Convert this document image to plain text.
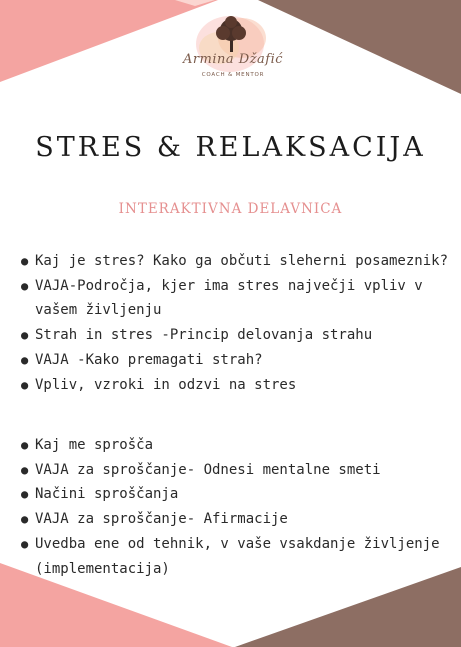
Armina Džafić
COACH & MENTOR
STRES & RELAKSACIJA
INTERAKTIVNA DELAVNICA
● Kaj je stres? Kako ga občuti sleherni posameznik?
● VAJA-Področja, kjer ima stres največji vpliv v vašem življenju
● Strah in stres -Princip delovanja strahu
● VAJA -Kako premagati strah?
● Vpliv, vzroki in odzvi na stres
● Kaj me sprošča
● VAJA za sproščanje- Odnesi mentalne smeti
● Načini sproščanja
● VAJA za sproščanje- Afirmacije
● Uvedba ene od tehnik, v vaše vsakdanje življenje (implementacija)
